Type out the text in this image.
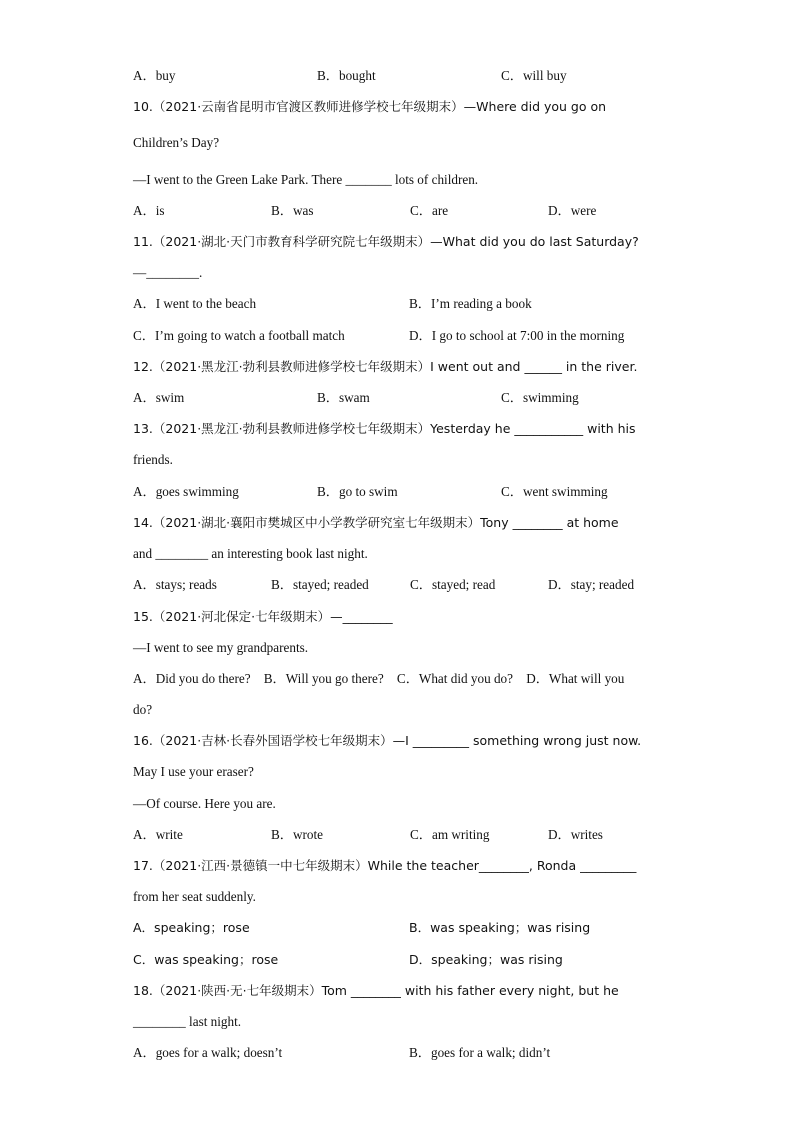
A．buy	B．bought	C．will buy
10.（2021·云南省昆明市官渡区教师进修学校七年级期末）—Where did you go on
Children’s Day?
—I went to the Green Lake Park. There _______ lots of children.
A．is	B．was	C．are	D．were
11.（2021·湖北·天门市教育科学研究院七年级期末）—What did you do last Saturday?
—________.
A．I went to the beach	B．I’m reading a book
C．I’m going to watch a football match	D．I go to school at 7:00 in the morning
12.（2021·黑龙江·勃利县教师进修学校七年级期末）I went out and ______ in the river.
A．swim	B．swam	C．swimming
13.（2021·黑龙江·勃利县教师进修学校七年级期末）Yesterday he ___________ with his
friends.
A．goes swimming	B．go to swim	C．went swimming
14.（2021·湖北·襄阳市樊城区中小学教学研究室七年级期末）Tony ________ at home
and ________ an interesting book last night.
A．stays; reads	B．stayed; readed	C．stayed; read	D．stay; readed
15.（2021·河北保定·七年级期末）—________
—I went to see my grandparents.
A．Did you do there?    B．Will you go there?    C．What did you do?    D．What will you
do?
16.（2021·吉林·长春外国语学校七年级期末）—I _________ something wrong just now.
May I use your eraser?
—Of course. Here you are.
A．write	B．wrote	C．am writing	D．writes
17.（2021·江西·景德镇一中七年级期末）While the teacher________, Ronda _________
from her seat suddenly.
A．speaking；rose	B．was speaking；was rising
C．was speaking；rose	D．speaking；was rising
18.（2021·陕西·无·七年级期末）Tom ________ with his father every night, but he
________ last night.
A．goes for a walk; doesn’t	B．goes for a walk; didn’t
